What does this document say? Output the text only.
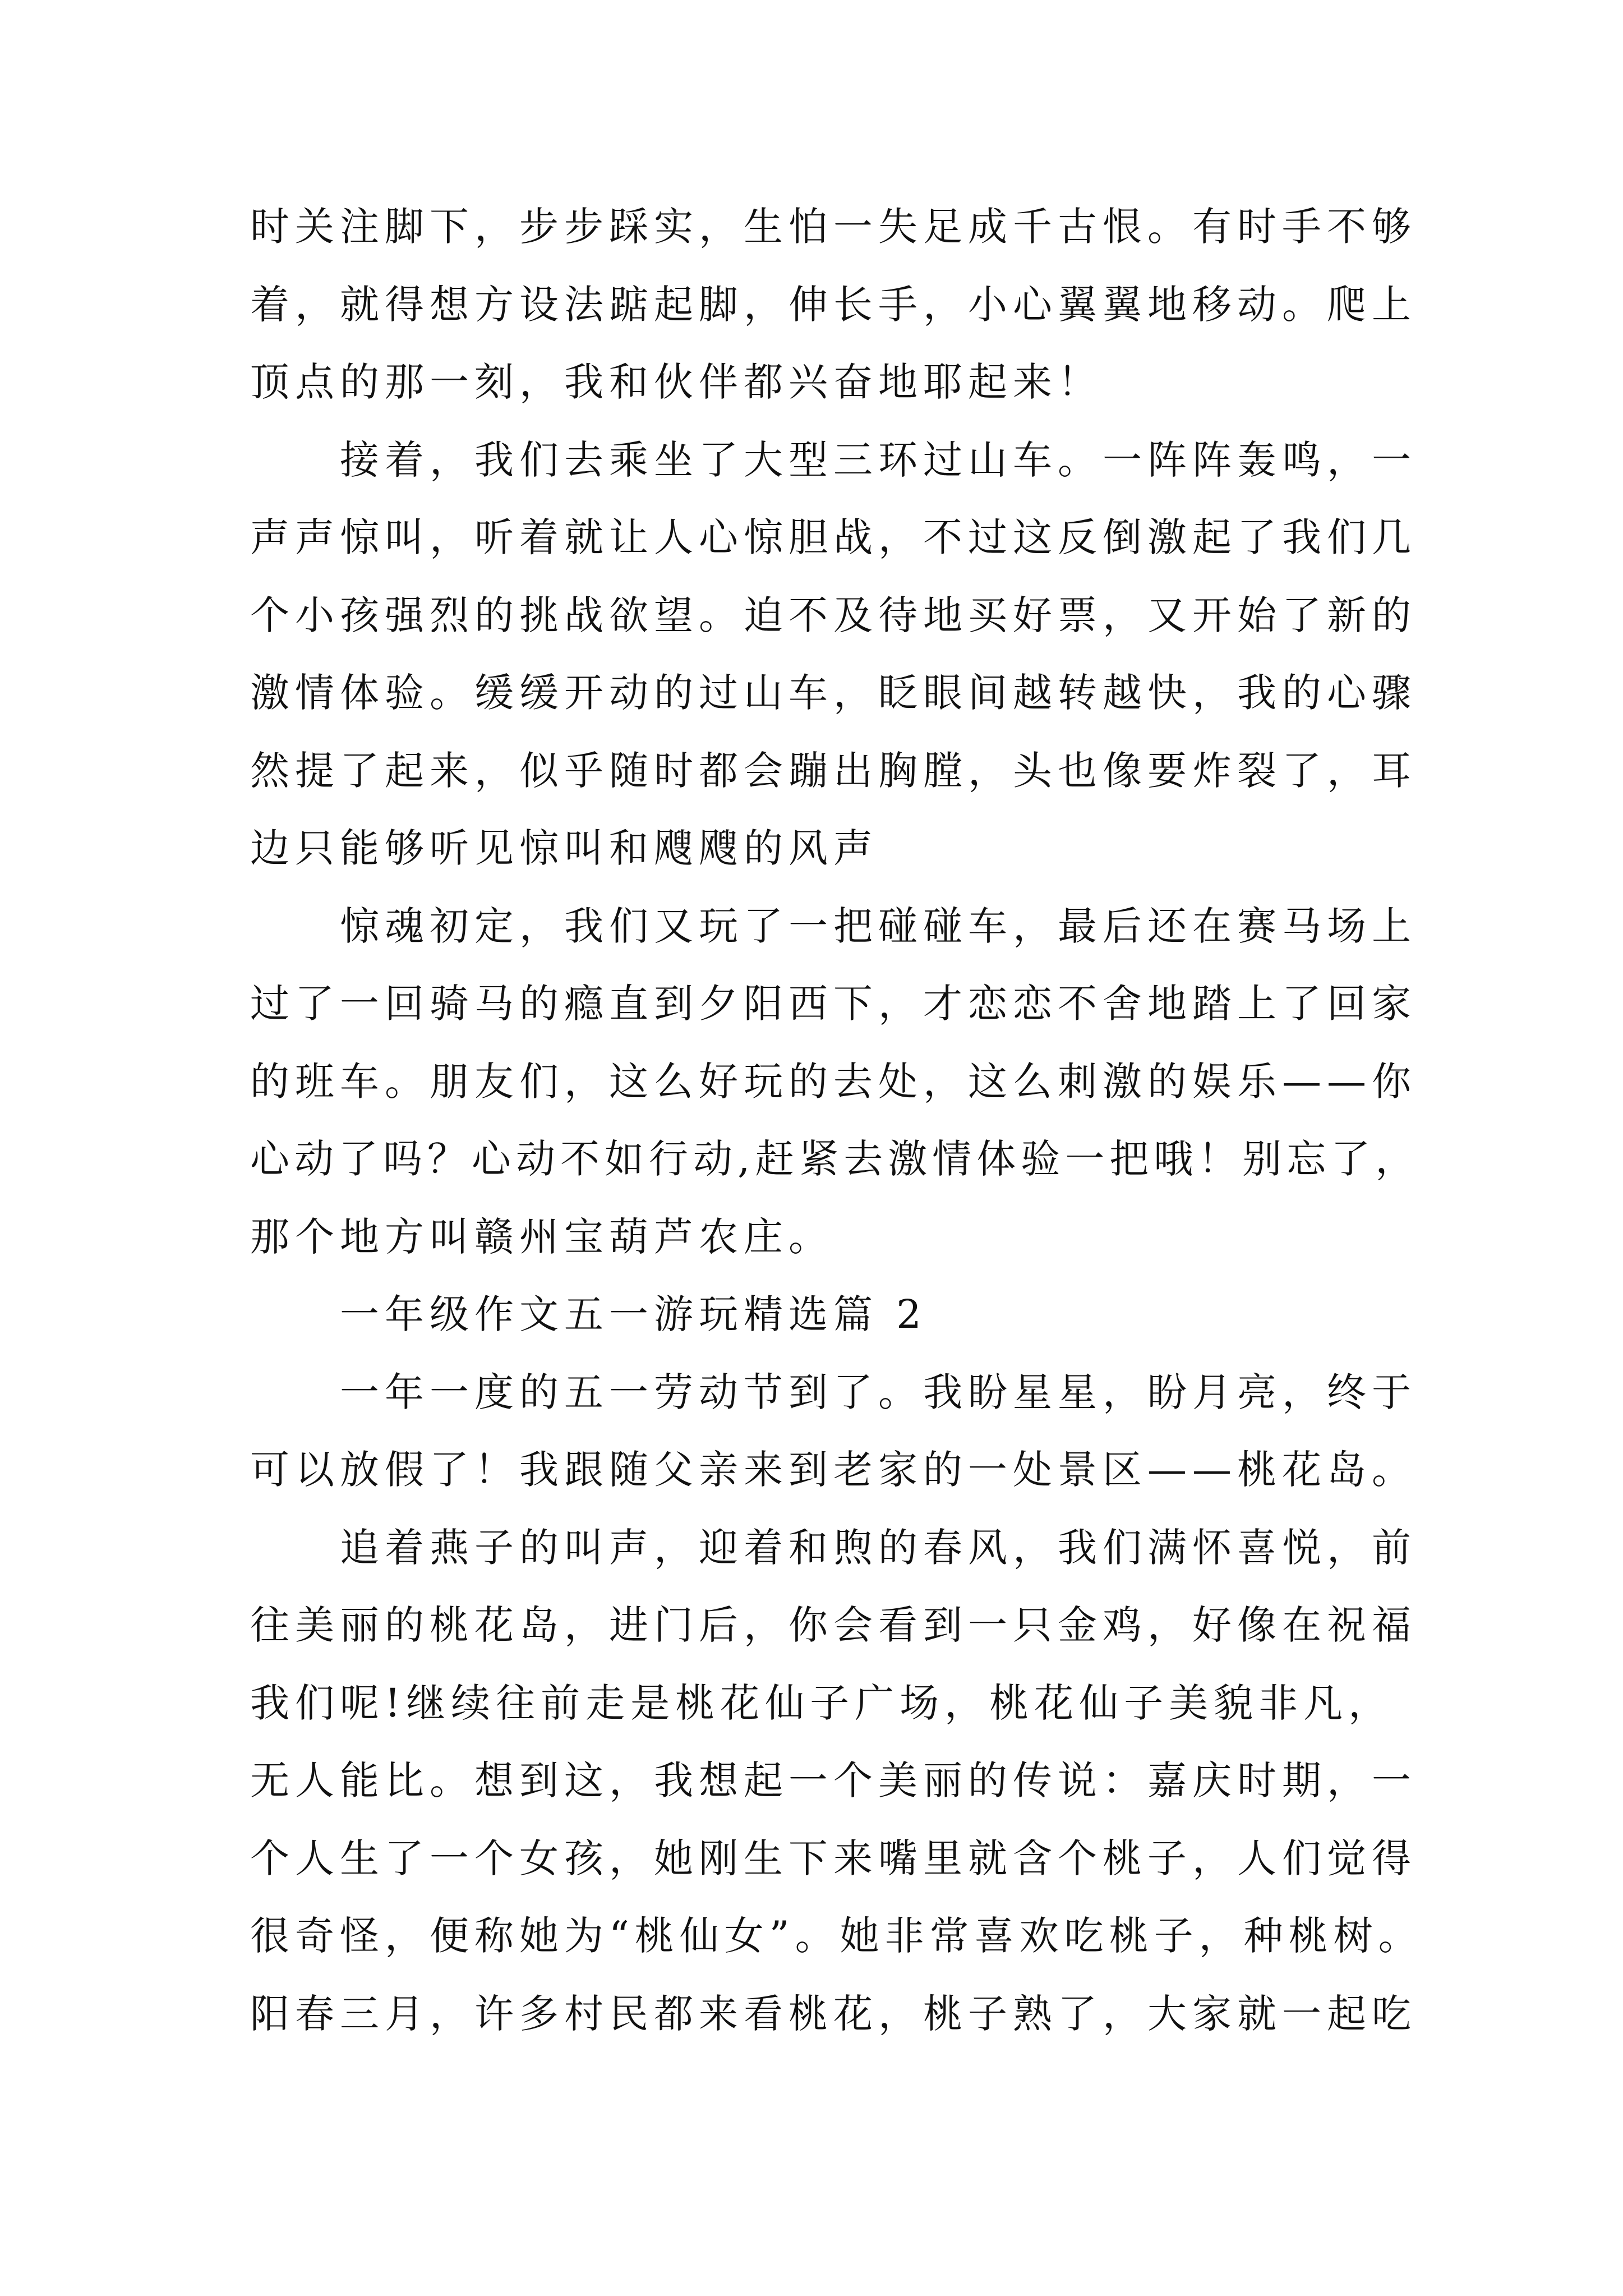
时关注脚下，步步踩实，生怕一失足成千古恨。有时手不够
着，就得想方设法踮起脚，伸长手，小心翼翼地移动。爬上
顶点的那一刻，我和伙伴都兴奋地耶起来！
接着，我们去乘坐了大型三环过山车。一阵阵轰鸣，一
声声惊叫，听着就让人心惊胆战，不过这反倒激起了我们几
个小孩强烈的挑战欲望。迫不及待地买好票，又开始了新的
激情体验。缓缓开动的过山车，眨眼间越转越快，我的心骤
然提了起来，似乎随时都会蹦出胸膛，头也像要炸裂了，耳
边只能够听见惊叫和飕飕的风声
惊魂初定，我们又玩了一把碰碰车，最后还在赛马场上
过了一回骑马的瘾直到夕阳西下，才恋恋不舍地踏上了回家
的班车。朋友们，这么好玩的去处，这么刺激的娱乐——你
心动了吗？心动不如行动,赶紧去激情体验一把哦！别忘了，
那个地方叫赣州宝葫芦农庄。
一年级作文五一游玩精选篇 2
一年一度的五一劳动节到了。我盼星星，盼月亮，终于
可以放假了！我跟随父亲来到老家的一处景区——桃花岛。
追着燕子的叫声，迎着和煦的春风，我们满怀喜悦，前
往美丽的桃花岛，进门后，你会看到一只金鸡，好像在祝福
我们呢!继续往前走是桃花仙子广场，桃花仙子美貌非凡，
无人能比。想到这，我想起一个美丽的传说：嘉庆时期，一
个人生了一个女孩，她刚生下来嘴里就含个桃子，人们觉得
很奇怪，便称她为“桃仙女”。她非常喜欢吃桃子，种桃树。
阳春三月，许多村民都来看桃花，桃子熟了，大家就一起吃
